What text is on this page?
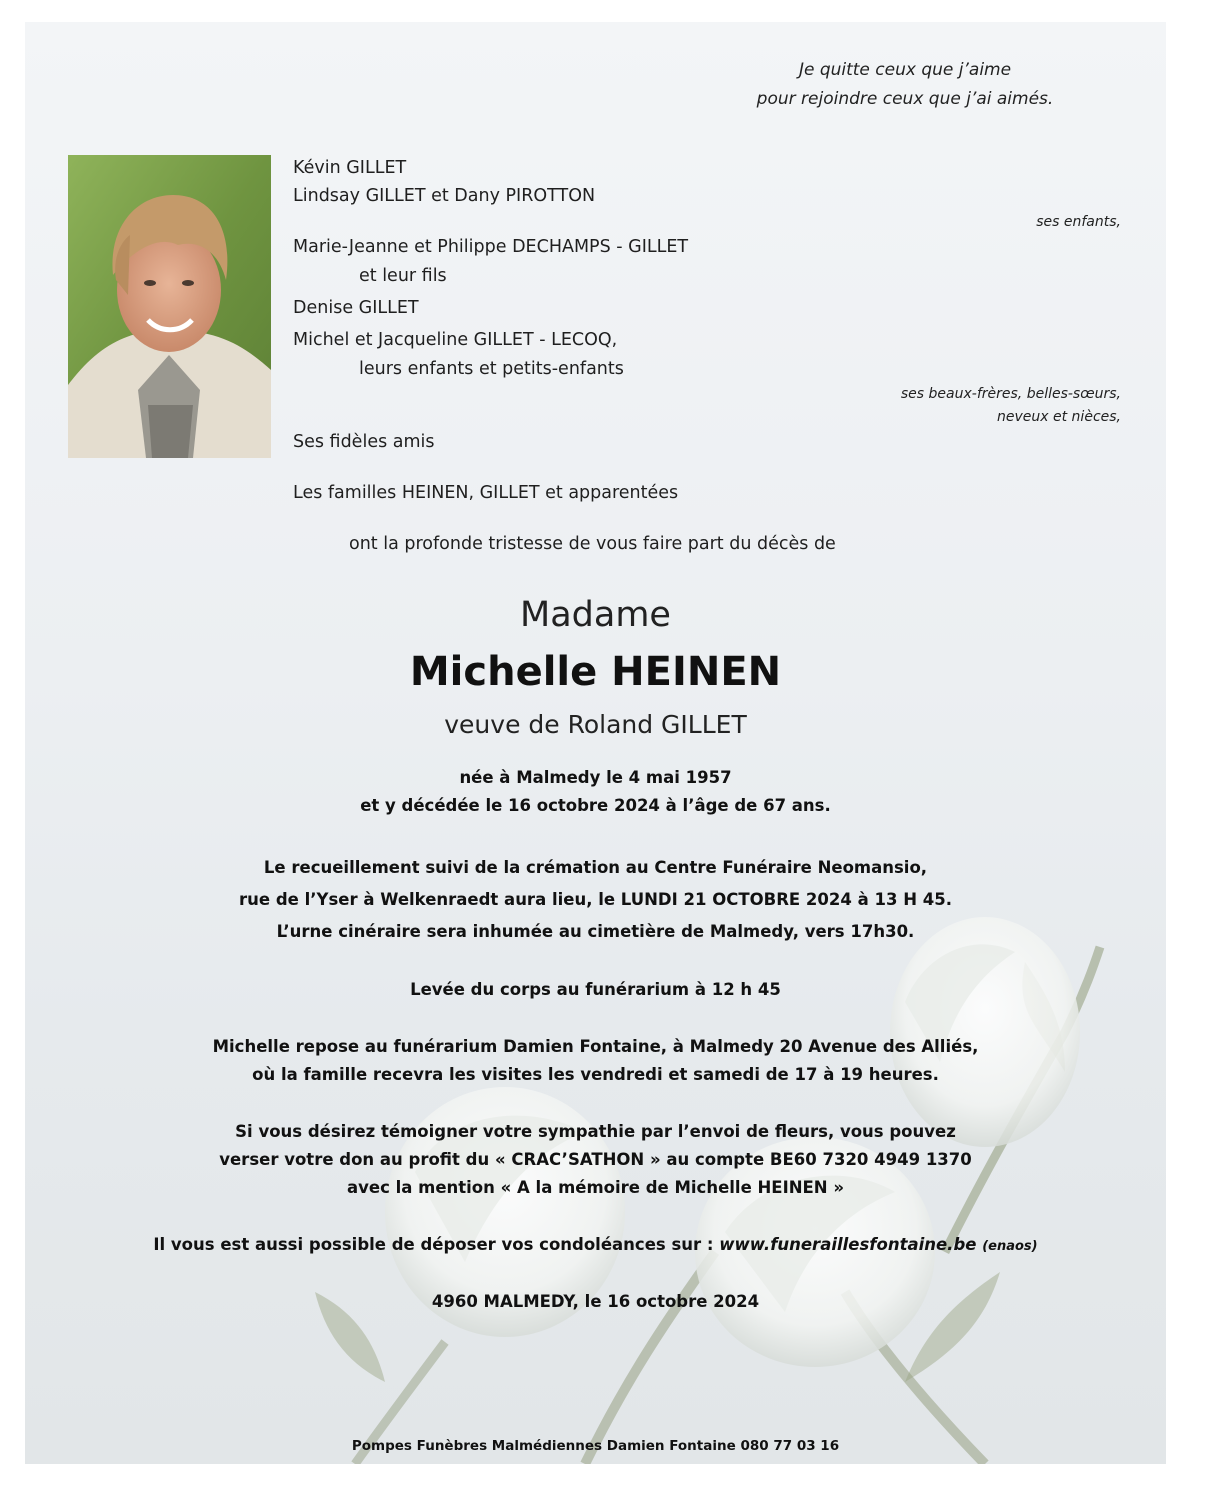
Je quitte ceux que j’aime
pour rejoindre ceux que j’ai aimés.
Kévin GILLET
Lindsay GILLET et Dany PIROTTON
ses enfants,
Marie-Jeanne et Philippe DECHAMPS - GILLET
et leur fils
Denise GILLET
Michel et Jacqueline GILLET - LECOQ,
leurs enfants et petits-enfants
ses beaux-frères, belles-sœurs,
neveux et nièces,
Ses fidèles amis
Les familles HEINEN, GILLET et apparentées
ont la profonde tristesse de vous faire part du décès de
Madame
Michelle HEINEN
veuve de Roland GILLET
née à Malmedy le 4 mai 1957
et y décédée le 16 octobre 2024 à l’âge de 67 ans.
Le recueillement suivi de la crémation au Centre Funéraire Neomansio,
rue de l’Yser à Welkenraedt aura lieu, le LUNDI 21 OCTOBRE 2024 à 13 H 45.
L’urne cinéraire sera inhumée au cimetière de Malmedy, vers 17h30.
Levée du corps au funérarium à 12 h 45
Michelle repose au funérarium Damien Fontaine, à Malmedy 20 Avenue des Alliés,
où la famille recevra les visites les vendredi et samedi de 17 à 19 heures.
Si vous désirez témoigner votre sympathie par l’envoi de fleurs, vous pouvez
verser votre don au profit du « CRAC’SATHON » au compte BE60 7320 4949 1370
avec la mention « A la mémoire de Michelle HEINEN »
Il vous est aussi possible de déposer vos condoléances sur : www.funeraillesfontaine.be (enaos)
4960 MALMEDY, le 16 octobre 2024
Pompes Funèbres Malmédiennes Damien Fontaine 080 77 03 16
